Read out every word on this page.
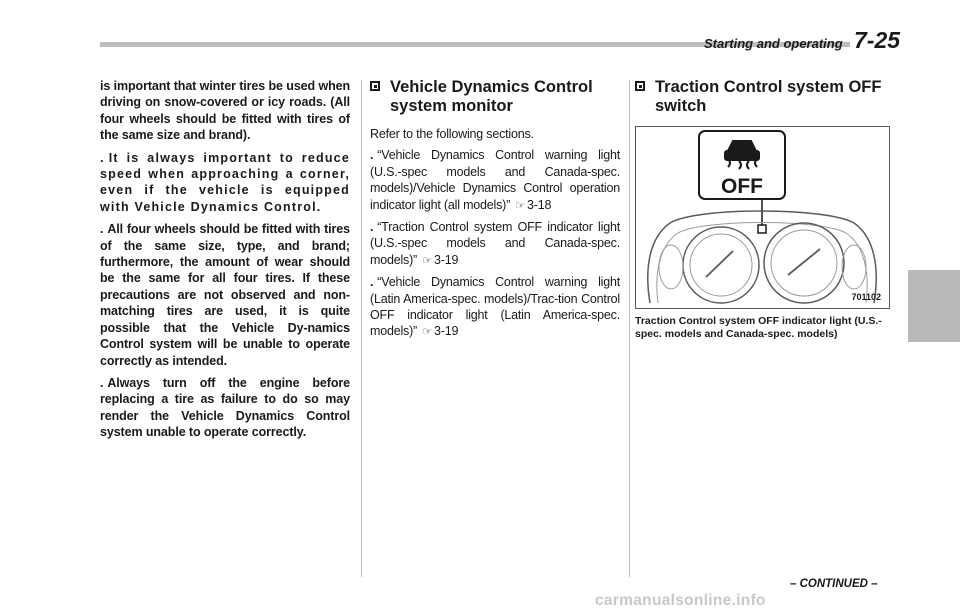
Starting and operating 7-25

is important that winter tires be used when driving on snow-covered or icy roads. (All four wheels should be fitted with tires of the same size and brand).

. It is always important to reduce speed when approaching a corner, even if the vehicle is equipped with Vehicle Dynamics Control.

. All four wheels should be fitted with tires of the same size, type, and brand; furthermore, the amount of wear should be the same for all four tires. If these precautions are not observed and non-matching tires are used, it is quite possible that the Vehicle Dy-namics Control system will be unable to operate correctly as intended.

. Always turn off the engine before replacing a tire as failure to do so may render the Vehicle Dynamics Control system unable to operate correctly.

Vehicle Dynamics Control system monitor

Refer to the following sections.

. “Vehicle Dynamics Control warning light (U.S.-spec models and Canada-spec. models)/Vehicle Dynamics Control operation indicator light (all models)” ☞ 3-18

. “Traction Control system OFF indicator light (U.S.-spec models and Canada-spec. models)” ☞ 3-19

. “Vehicle Dynamics Control warning light (Latin America-spec. models)/Trac-tion Control OFF indicator light (Latin America-spec. models)” ☞ 3-19

Traction Control system OFF switch
OFF
701102

Traction Control system OFF indicator light (U.S.-spec. models and Canada-spec. models)

– CONTINUED –
carmanualsonline.info
